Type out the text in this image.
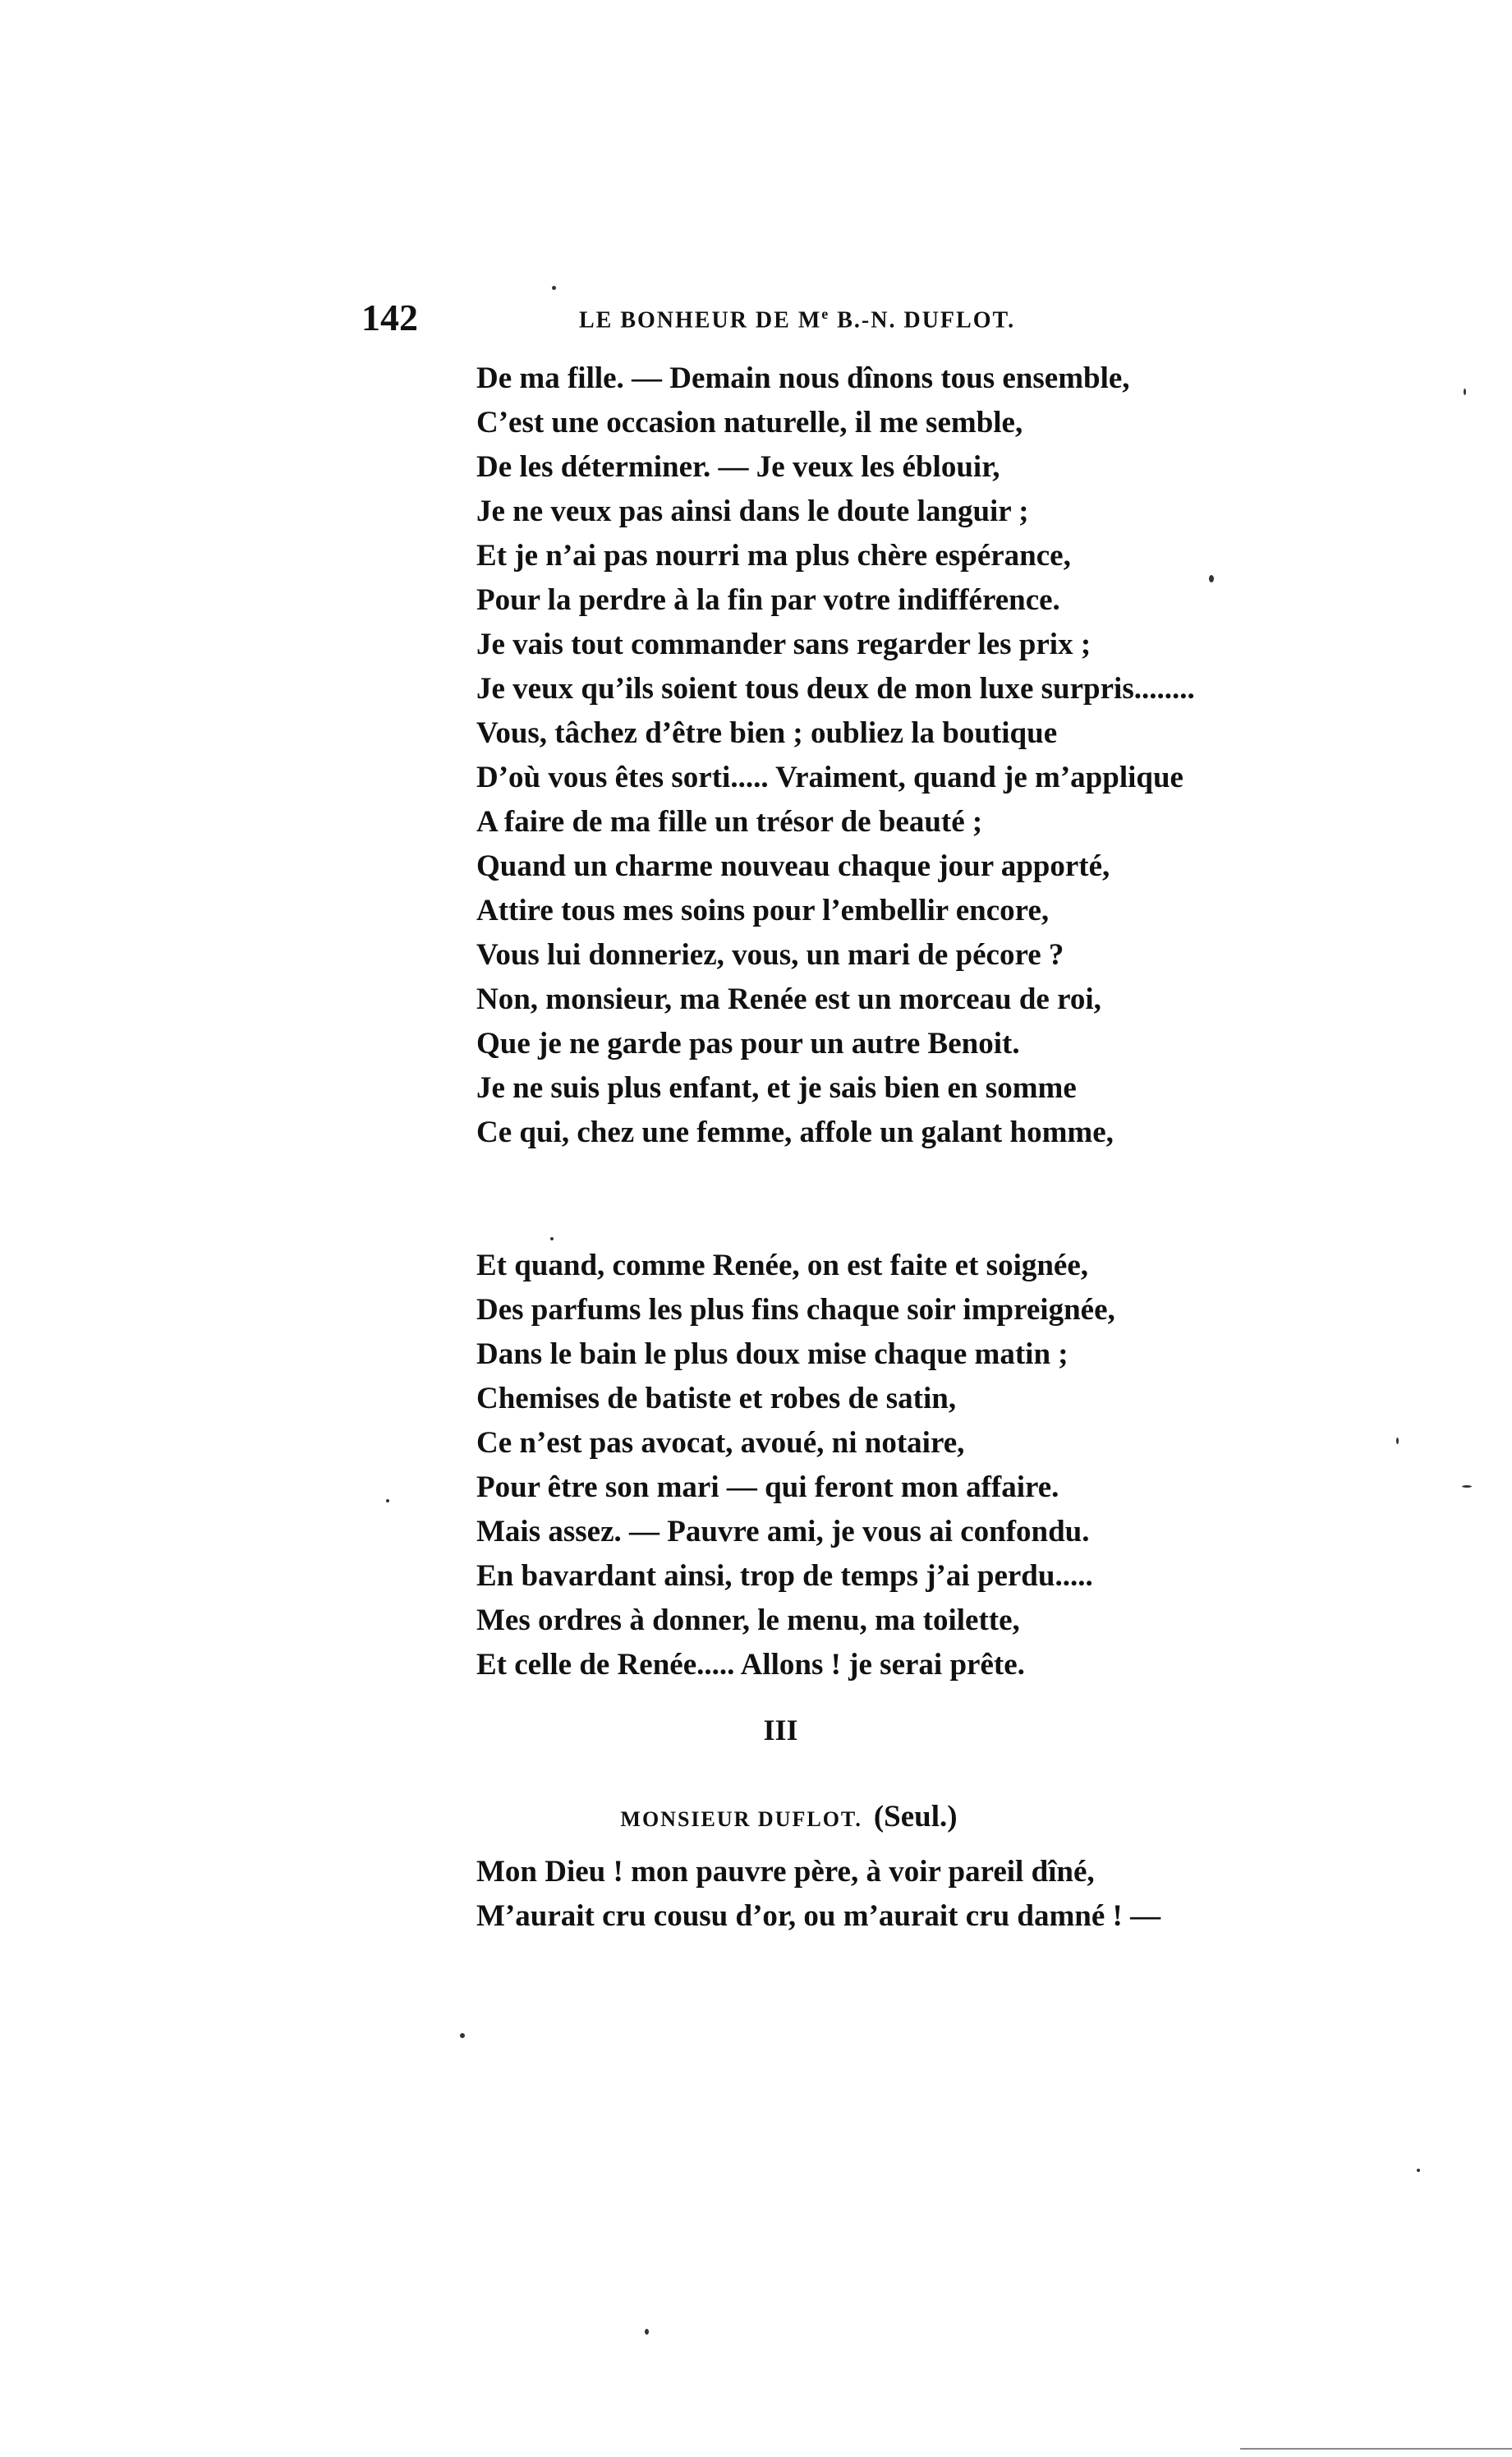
142	LE BONHEUR DE Me B.-N. DUFLOT.
De ma fille. — Demain nous dînons tous ensemble,
C’est une occasion naturelle, il me semble,
De les déterminer. — Je veux les éblouir,
Je ne veux pas ainsi dans le doute languir ;
Et je n’ai pas nourri ma plus chère espérance,
Pour la perdre à la fin par votre indifférence.
Je vais tout commander sans regarder les prix ;
Je veux qu’ils soient tous deux de mon luxe surpris........
Vous, tâchez d’être bien ; oubliez la boutique
D’où vous êtes sorti..... Vraiment, quand je m’applique
A faire de ma fille un trésor de beauté ;
Quand un charme nouveau chaque jour apporté,
Attire tous mes soins pour l’embellir encore,
Vous lui donneriez, vous, un mari de pécore ?
Non, monsieur, ma Renée est un morceau de roi,
Que je ne garde pas pour un autre Benoit.
Je ne suis plus enfant, et je sais bien en somme
Ce qui, chez une femme, affole un galant homme,
Et quand, comme Renée, on est faite et soignée,
Des parfums les plus fins chaque soir impreignée,
Dans le bain le plus doux mise chaque matin ;
Chemises de batiste et robes de satin,
Ce n’est pas avocat, avoué, ni notaire,
Pour être son mari — qui feront mon affaire.
Mais assez. — Pauvre ami, je vous ai confondu.
En bavardant ainsi, trop de temps j’ai perdu.....
Mes ordres à donner, le menu, ma toilette,
Et celle de Renée..... Allons ! je serai prête.
III
MONSIEUR DUFLOT. (Seul.)
Mon Dieu ! mon pauvre père, à voir pareil dîné,
M’aurait cru cousu d’or, ou m’aurait cru damné ! —
